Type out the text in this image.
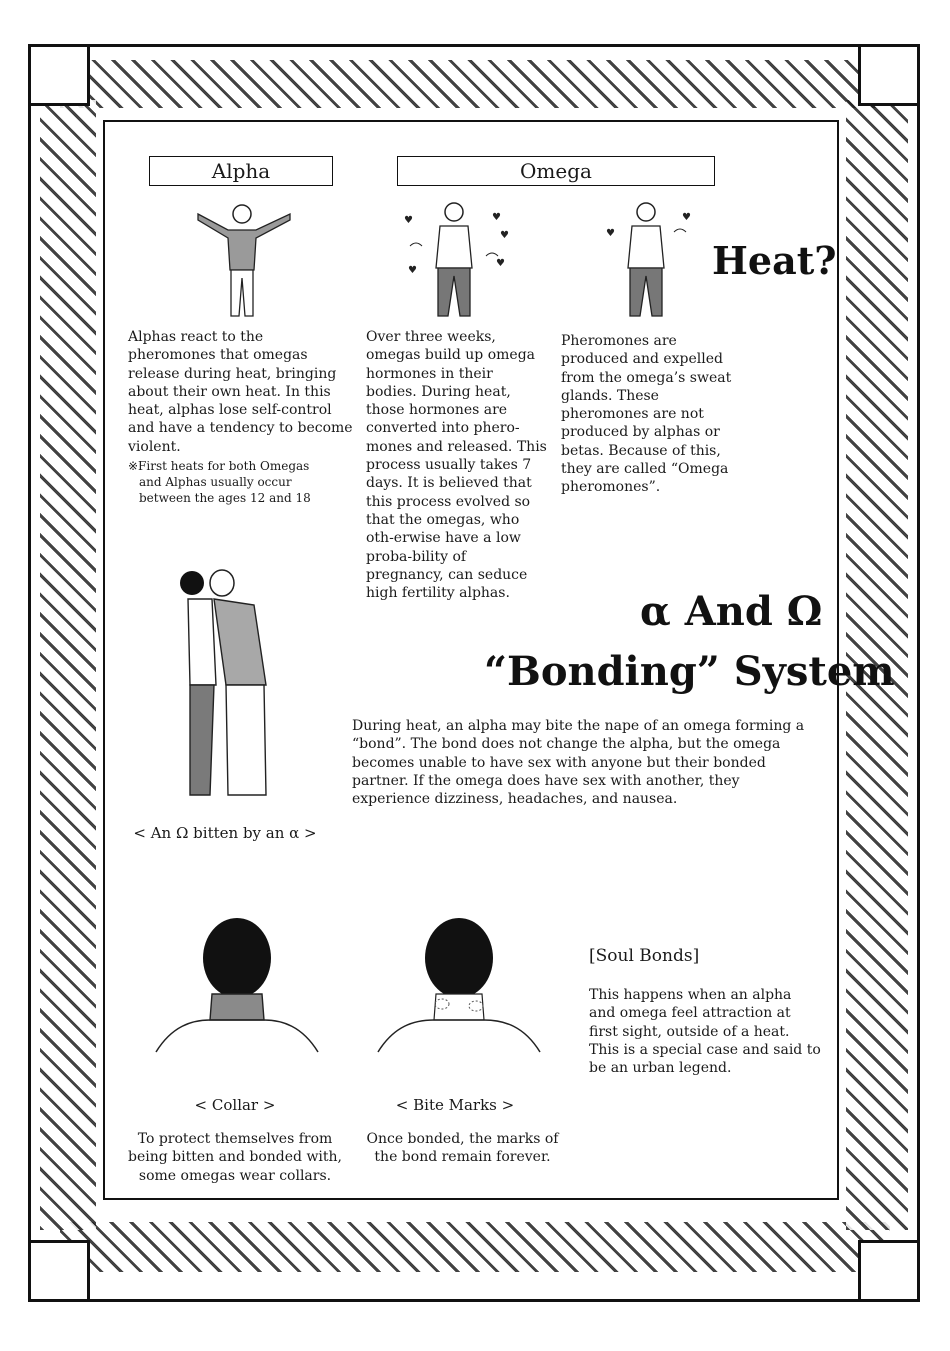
Alpha	Omega
♥	♥
♥
♥
♥
♥
♥
Heat?
Alphas react to the pheromones that omegas release during heat, bringing about their own heat. In this heat, alphas lose self-control and have a tendency to become violent.
※First heats for both Omegas
and Alphas usually occur
between the ages 12 and 18
Over three weeks, omegas build up omega hormones in their bodies. During heat, those hormones are converted into phero-mones and released. This process usually takes 7 days. It is believed that this process evolved so that the omegas, who oth-erwise have a low proba-bility of pregnancy, can seduce high fertility alphas.
Pheromones are produced and expelled from the omega’s sweat glands. These pheromones are not produced by alphas or betas. Because of this, they are called “Omega pheromones”.
< An Ω bitten by an α >
α And Ω
“Bonding” System
During heat, an alpha may bite the nape of an omega forming a “bond”. The bond does not change the alpha, but the omega becomes unable to have sex with anyone but their bonded partner. If the omega does have sex with another, they experience dizziness, headaches, and nausea.
< Collar >
To protect themselves from
being bitten and bonded with,
some omegas wear collars.
< Bite Marks >
Once bonded, the marks of
the bond remain forever.
[Soul Bonds]
This happens when an alpha and omega feel attraction at first sight, outside of a heat. This is a special case and said to be an urban legend.
